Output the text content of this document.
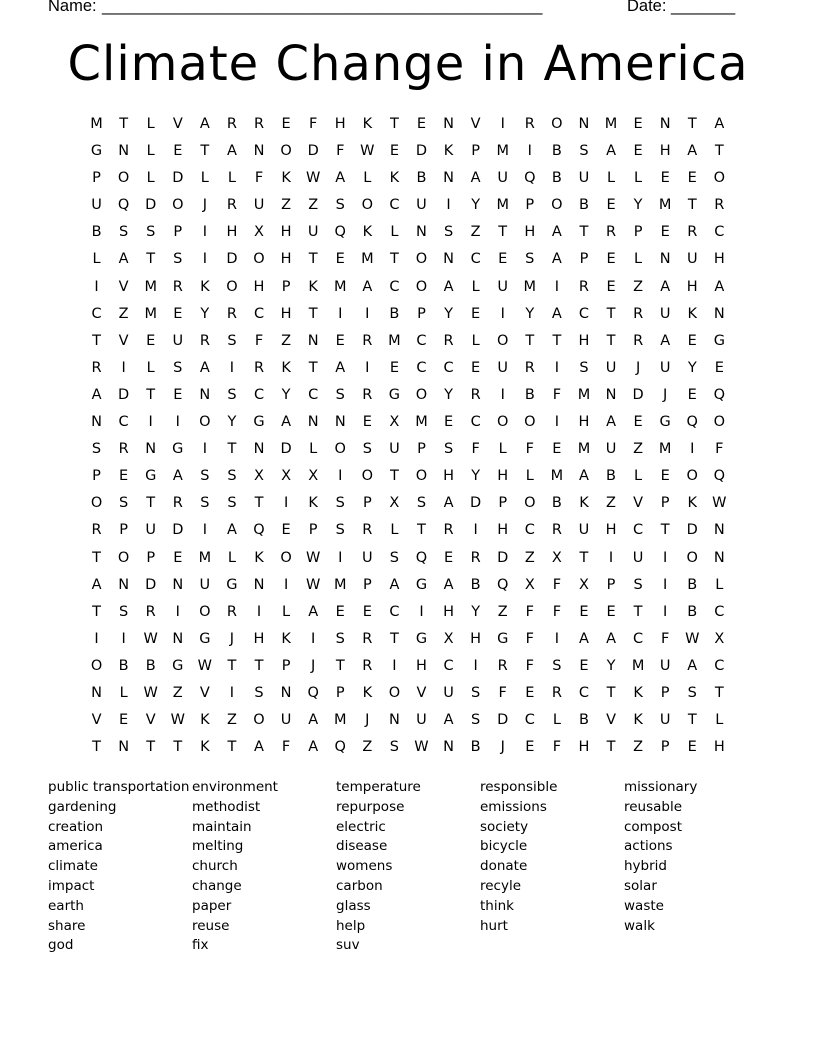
Name: ________________________________________________	Date: _______
Climate Change in America
M	T	L	V	A	R	R	E	F	H	K	T	E	N	V	I	R	O	N	M	E	N	T	A
G	N	L	E	T	A	N	O	D	F	W	E	D	K	P	M	I	B	S	A	E	H	A	T
P	O	L	D	L	L	F	K	W	A	L	K	B	N	A	U	Q	B	U	L	L	E	E	O
U	Q	D	O	J	R	U	Z	Z	S	O	C	U	I	Y	M	P	O	B	E	Y	M	T	R
B	S	S	P	I	H	X	H	U	Q	K	L	N	S	Z	T	H	A	T	R	P	E	R	C
L	A	T	S	I	D	O	H	T	E	M	T	O	N	C	E	S	A	P	E	L	N	U	H
I	V	M	R	K	O	H	P	K	M	A	C	O	A	L	U	M	I	R	E	Z	A	H	A
C	Z	M	E	Y	R	C	H	T	I	I	B	P	Y	E	I	Y	A	C	T	R	U	K	N
T	V	E	U	R	S	F	Z	N	E	R	M	C	R	L	O	T	T	H	T	R	A	E	G
R	I	L	S	A	I	R	K	T	A	I	E	C	C	E	U	R	I	S	U	J	U	Y	E
A	D	T	E	N	S	C	Y	C	S	R	G	O	Y	R	I	B	F	M	N	D	J	E	Q
N	C	I	I	O	Y	G	A	N	N	E	X	M	E	C	O	O	I	H	A	E	G	Q	O
S	R	N	G	I	T	N	D	L	O	S	U	P	S	F	L	F	E	M	U	Z	M	I	F
P	E	G	A	S	S	X	X	X	I	O	T	O	H	Y	H	L	M	A	B	L	E	O	Q
O	S	T	R	S	S	T	I	K	S	P	X	S	A	D	P	O	B	K	Z	V	P	K	W
R	P	U	D	I	A	Q	E	P	S	R	L	T	R	I	H	C	R	U	H	C	T	D	N
T	O	P	E	M	L	K	O W	I	U	S	Q	E	R	D	Z	X	T	I	U	I	O	N
A	N	D	N	U	G	N	I	W M	P	A	G	A	B	Q	X	F	X	P	S	I	B	L
T	S	R	I	O	R	I	L	A	E	E	C	I	H	Y	Z	F	F	E	E	T	I	B	C
I	I	W N	G	J	H	K	I	S	R	T	G	X	H	G	F	I	A	A	C	F	W	X
O	B	B	G W	T	T	P	J	T	R	I	H	C	I	R	F	S	E	Y	M	U	A	C
N	L	W	Z	V	I	S	N	Q	P	K	O	V	U	S	F	E	R	C	T	K	P	S	T
V	E	V	W	K	Z	O	U	A	M	J	N	U	A	S	D	C	L	B	V	K	U	T	L
T	N	T	T	K	T	A	F	A	Q	Z	S	W N	B	J	E	F	H	T	Z	P	E	H
public transportation
gardening
creation
america
climate
impact
earth
share
god
environment
methodist
maintain
melting
church
change
paper
reuse
fix
temperature
repurpose
electric
disease
womens
carbon
glass
help
suv
responsible
emissions
society
bicycle
donate
recyle
think
hurt
missionary
reusable
compost
actions
hybrid
solar
waste
walk
